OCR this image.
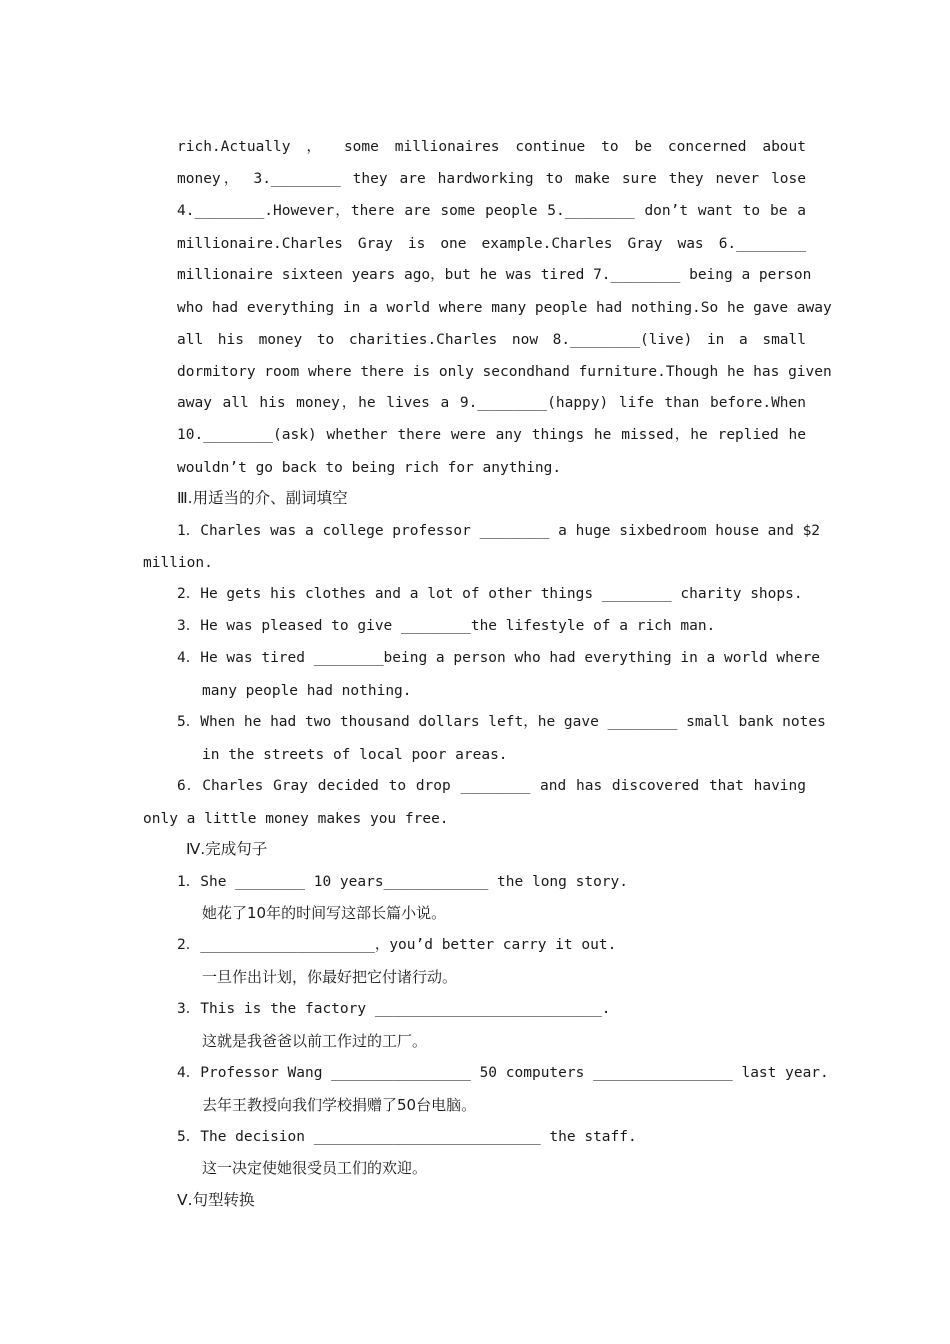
rich.Actually ， some millionaires continue to be concerned about
money， 3.________ they are hardworking to make sure they never lose
4.________.However，there are some people 5.________ don’t want to be a
millionaire.Charles Gray is one example.Charles Gray was 6.________
millionaire sixteen years ago，but he was tired 7.________ being a person
who had everything in a world where many people had nothing.So he gave away
all his money to charities.Charles now 8.________(live) in a small
dormitory room where there is only secondhand furniture.Though he has given
away all his money，he lives a 9.________(happy) life than before.When
10.________(ask) whether there were any things he missed，he replied he
wouldn’t go back to being rich for anything.
Ⅲ.用适当的介、副词填空
1．Charles was a college professor ________ a huge sixbedroom house and $2
million.
2．He gets his clothes and a lot of other things ________ charity shops.
3．He was pleased to give ________the lifestyle of a rich man.
4．He was tired ________being a person who had everything in a world where
many people had nothing.
5．When he had two thousand dollars left，he gave ________ small bank notes
in the streets of local poor areas.
6．Charles Gray decided to drop ________ and has discovered that having
only a little money makes you free.
Ⅳ.完成句子
1．She ________ 10 years____________ the long story.
她花了10年的时间写这部长篇小说。
2．____________________，you’d better carry it out.
一旦作出计划，你最好把它付诸行动。
3．This is the factory __________________________.
这就是我爸爸以前工作过的工厂。
4．Professor Wang ________________ 50 computers ________________ last year.
去年王教授向我们学校捐赠了50台电脑。
5．The decision __________________________ the staff.
这一决定使她很受员工们的欢迎。
Ⅴ.句型转换
